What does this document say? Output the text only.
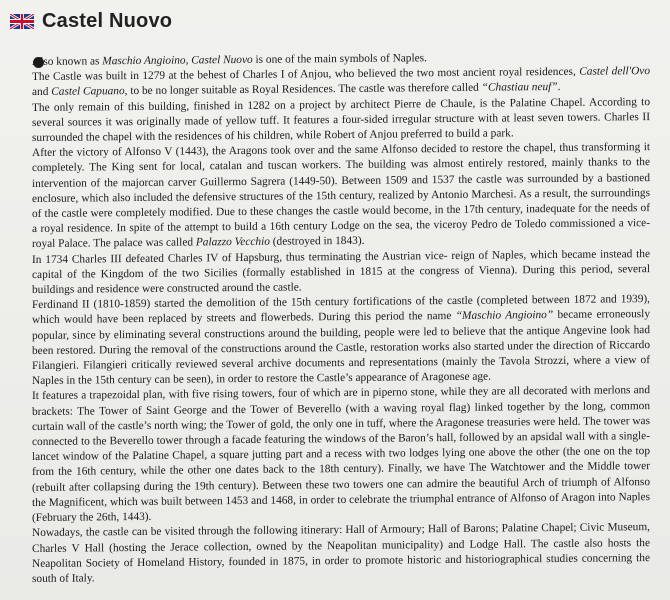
Castel Nuovo

Also known as Maschio Angioino, Castel Nuovo is one of the main symbols of Naples.

The Castle was built in 1279 at the behest of Charles I of Anjou, who believed the two most ancient royal residences, Castel dell'Ovo and Castel Capuano, to be no longer suitable as Royal Residences. The castle was therefore called “Chastiau neuf”.

The only remain of this building, finished in 1282 on a project by architect Pierre de Chaule, is the Palatine Chapel. According to several sources it was originally made of yellow tuff. It features a four-sided irregular structure with at least seven towers. Charles II surrounded the chapel with the residences of his children, while Robert of Anjou preferred to build a park.

After the victory of Alfonso V (1443), the Aragons took over and the same Alfonso decided to restore the chapel, thus transforming it completely. The King sent for local, catalan and tuscan workers. The building was almost entirely restored, mainly thanks to the intervention of the majorcan carver Guillermo Sagrera (1449-50). Between 1509 and 1537 the castle was surrounded by a bastioned enclosure, which also included the defensive structures of the 15th century, realized by Antonio Marchesi. As a result, the surroundings of the castle were completely modified. Due to these changes the castle would become, in the 17th century, inadequate for the needs of a royal residence. In spite of the attempt to build a 16th century Lodge on the sea, the viceroy Pedro de Toledo commissioned a vice-royal Palace. The palace was called Palazzo Vecchio (destroyed in 1843).

In 1734 Charles III defeated Charles IV of Hapsburg, thus terminating the Austrian vice- reign of Naples, which became instead the capital of the Kingdom of the two Sicilies (formally established in 1815 at the congress of Vienna). During this period, several buildings and residence were constructed around the castle.

Ferdinand II (1810-1859) started the demolition of the 15th century fortifications of the castle (completed between 1872 and 1939), which would have been replaced by streets and flowerbeds. During this period the name “Maschio Angioino” became erroneously popular, since by eliminating several constructions around the building, people were led to believe that the antique Angevine look had been restored. During the removal of the constructions around the Castle, restoration works also started under the direction of Riccardo Filangieri. Filangieri critically reviewed several archive documents and representations (mainly the Tavola Strozzi, where a view of Naples in the 15th century can be seen), in order to restore the Castle’s appearance of Aragonese age.

It features a trapezoidal plan, with five rising towers, four of which are in piperno stone, while they are all decorated with merlons and brackets: The Tower of Saint George and the Tower of Beverello (with a waving royal flag) linked together by the long, common curtain wall of the castle’s north wing; the Tower of gold, the only one in tuff, where the Aragonese treasuries were held. The tower was connected to the Beverello tower through a facade featuring the windows of the Baron’s hall, followed by an apsidal wall with a single-lancet window of the Palatine Chapel, a square jutting part and a recess with two lodges lying one above the other (the one on the top from the 16th century, while the other one dates back to the 18th century). Finally, we have The Watchtower and the Middle tower (rebuilt after collapsing during the 19th century). Between these two towers one can admire the beautiful Arch of triumph of Alfonso the Magnificent, which was built between 1453 and 1468, in order to celebrate the triumphal entrance of Alfonso of Aragon into Naples (February the 26th, 1443).

Nowadays, the castle can be visited through the following itinerary: Hall of Armoury; Hall of Barons; Palatine Chapel; Civic Museum, Charles V Hall (hosting the Jerace collection, owned by the Neapolitan municipality) and Lodge Hall. The castle also hosts the Neapolitan Society of Homeland History, founded in 1875, in order to promote historic and historiographical studies concerning the south of Italy.
